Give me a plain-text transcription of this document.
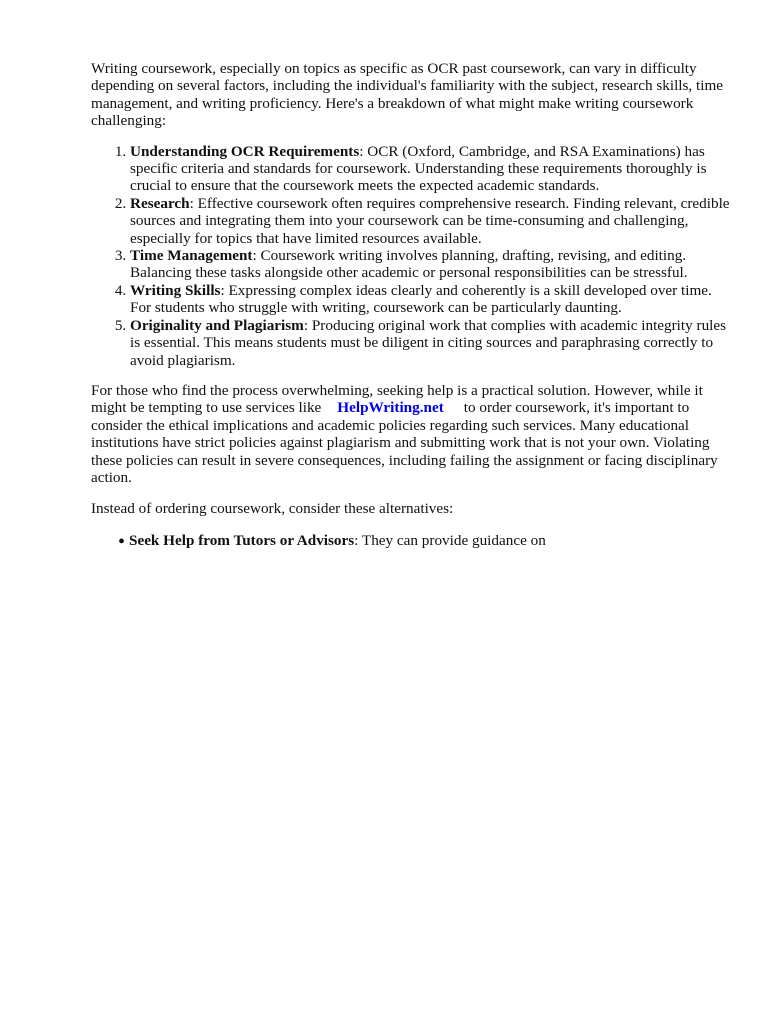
Writing coursework, especially on topics as specific as OCR past coursework, can vary in difficulty depending on several factors, including the individual's familiarity with the subject, research skills, time management, and writing proficiency. Here's a breakdown of what might make writing coursework challenging:

1. Understanding OCR Requirements: OCR (Oxford, Cambridge, and RSA Examinations) has specific criteria and standards for coursework. Understanding these requirements thoroughly is crucial to ensure that the coursework meets the expected academic standards.
2. Research: Effective coursework often requires comprehensive research. Finding relevant, credible sources and integrating them into your coursework can be time-consuming and challenging, especially for topics that have limited resources available.
3. Time Management: Coursework writing involves planning, drafting, revising, and editing. Balancing these tasks alongside other academic or personal responsibilities can be stressful.
4. Writing Skills: Expressing complex ideas clearly and coherently is a skill developed over time. For students who struggle with writing, coursework can be particularly daunting.
5. Originality and Plagiarism: Producing original work that complies with academic integrity rules is essential. This means students must be diligent in citing sources and paraphrasing correctly to avoid plagiarism.

For those who find the process overwhelming, seeking help is a practical solution. However, while it might be tempting to use services like HelpWriting.net to order coursework, it's important to consider the ethical implications and academic policies regarding such services. Many educational institutions have strict policies against plagiarism and submitting work that is not your own. Violating these policies can result in severe consequences, including failing the assignment or facing disciplinary action.

Instead of ordering coursework, consider these alternatives:

• Seek Help from Tutors or Advisors: They can provide guidance on
